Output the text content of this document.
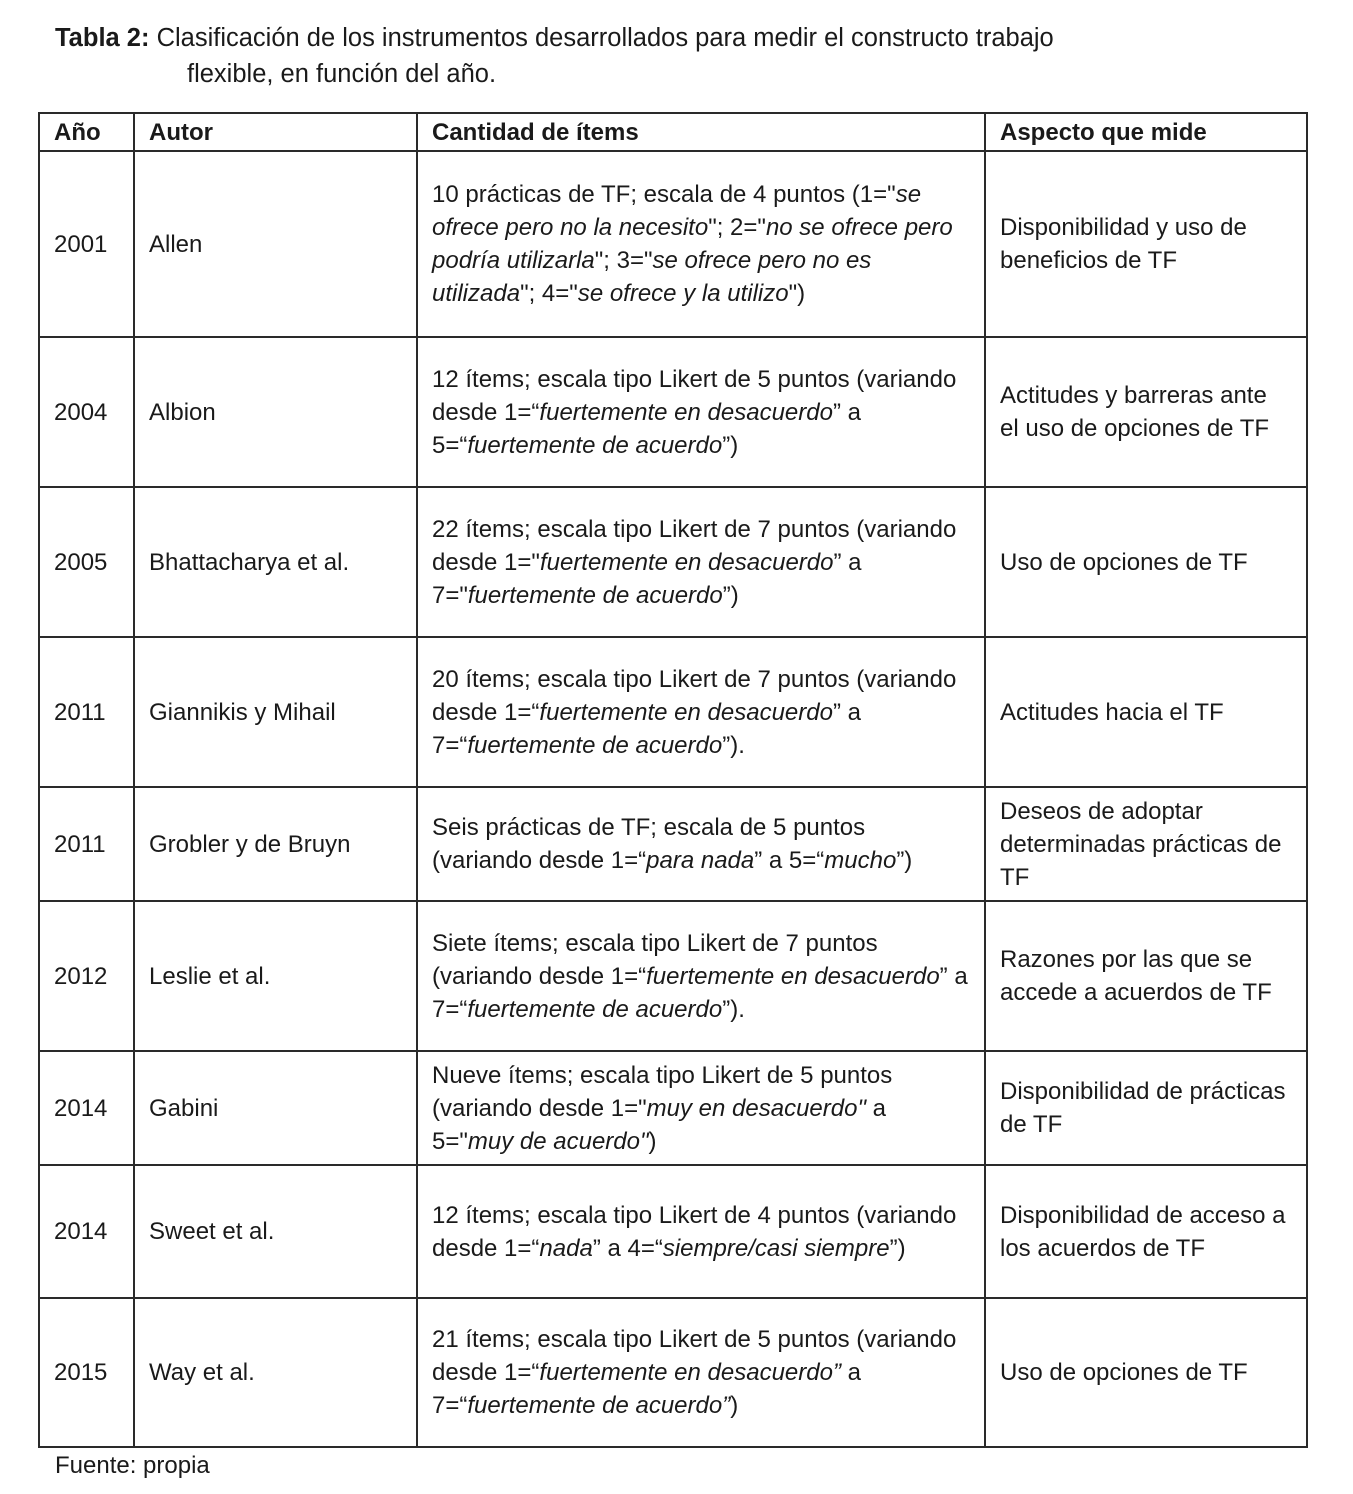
Tabla 2: Clasificación de los instrumentos desarrollados para medir el constructo trabajo
flexible, en función del año.
Año	Autor	Cantidad de ítems	Aspecto que mide
2001	Allen	10 prácticas de TF; escala de 4 puntos (1="se ofrece pero no la necesito"; 2="no se ofrece pero podría utilizarla"; 3="se ofrece pero no es utilizada"; 4="se ofrece y la utilizo")	Disponibilidad y uso de beneficios de TF
2004	Albion	12 ítems; escala tipo Likert de 5 puntos (variando desde 1=“fuertemente en desacuerdo” a 5=“fuertemente de acuerdo”)	Actitudes y barreras ante el uso de opciones de TF
2005	Bhattacharya et al.	22 ítems; escala tipo Likert de 7 puntos (variando desde 1="fuertemente en desacuerdo” a 7="fuertemente de acuerdo”)	Uso de opciones de TF
2011	Giannikis y Mihail	20 ítems; escala tipo Likert de 7 puntos (variando desde 1=“fuertemente en desacuerdo” a 7=“fuertemente de acuerdo”).	Actitudes hacia el TF
2011	Grobler y de Bruyn	Seis prácticas de TF; escala de 5 puntos (variando desde 1=“para nada” a 5=“mucho”)	Deseos de adoptar determinadas prácticas de TF
2012	Leslie et al.	Siete ítems; escala tipo Likert de 7 puntos (variando desde 1=“fuertemente en desacuerdo” a 7=“fuertemente de acuerdo”).	Razones por las que se accede a acuerdos de TF
2014	Gabini	Nueve ítems; escala tipo Likert de 5 puntos (variando desde 1="muy en desacuerdo" a 5="muy de acuerdo")	Disponibilidad de prácticas de TF
2014	Sweet et al.	12 ítems; escala tipo Likert de 4 puntos (variando desde 1=“nada” a 4=“siempre/casi siempre”)	Disponibilidad de acceso a los acuerdos de TF
2015	Way et al.	21 ítems; escala tipo Likert de 5 puntos (variando desde 1=“fuertemente en desacuerdo” a 7=“fuertemente de acuerdo”)	Uso de opciones de TF
Fuente: propia
